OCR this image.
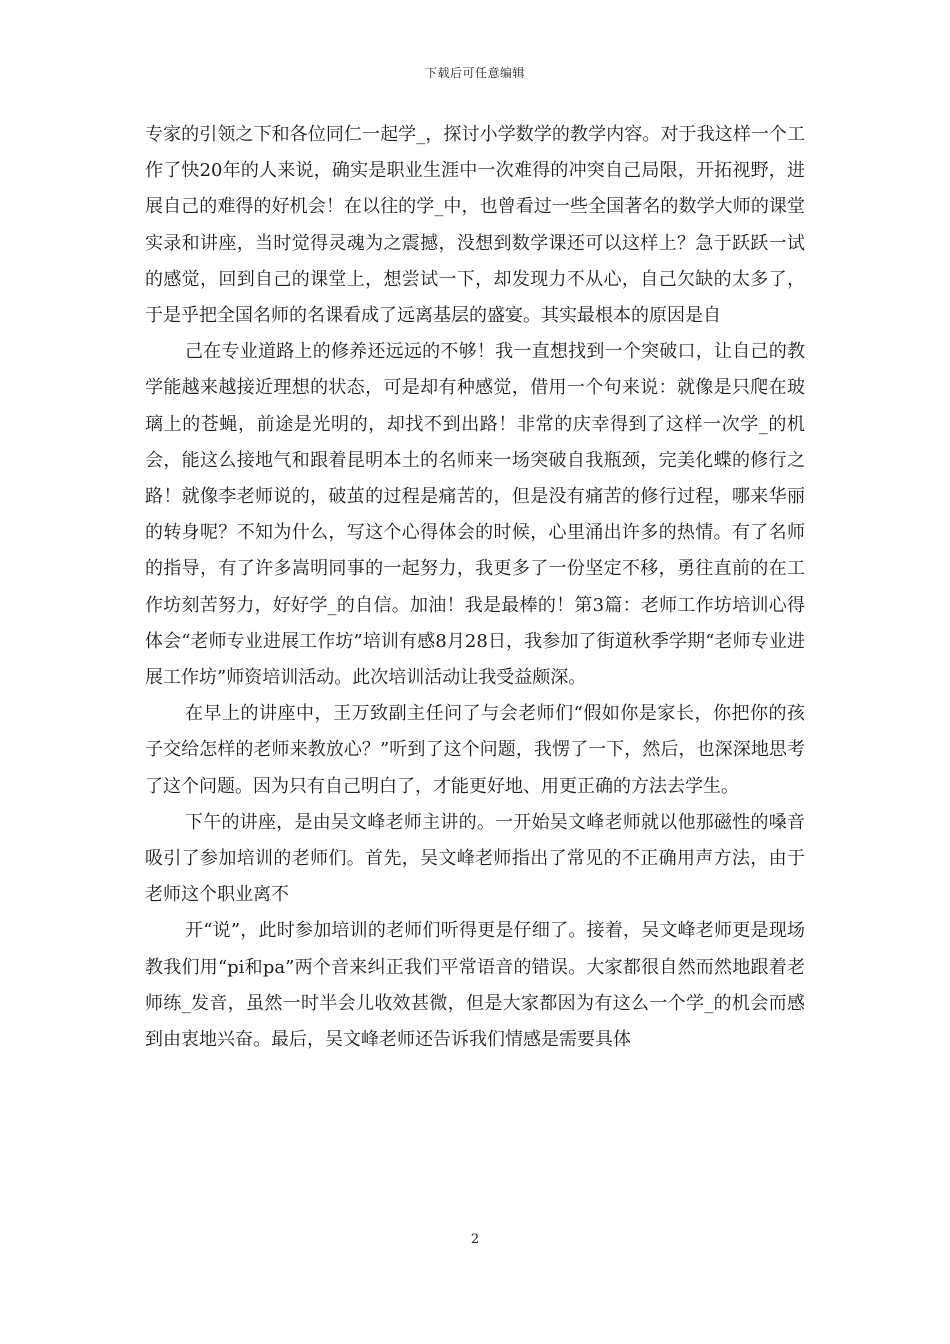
下载后可任意编辑

专家的引领之下和各位同仁一起学_，探讨小学数学的教学内容。对于我这样一个工作了快20年的人来说，确实是职业生涯中一次难得的冲突自己局限，开拓视野，进展自己的难得的好机会！在以往的学_中，也曾看过一些全国著名的数学大师的课堂实录和讲座，当时觉得灵魂为之震撼，没想到数学课还可以这样上？急于跃跃一试的感觉，回到自己的课堂上，想尝试一下，却发现力不从心，自己欠缺的太多了，于是乎把全国名师的名课看成了远离基层的盛宴。其实最根本的原因是自

己在专业道路上的修养还远远的不够！我一直想找到一个突破口，让自己的教学能越来越接近理想的状态，可是却有种感觉，借用一个句来说：就像是只爬在玻璃上的苍蝇，前途是光明的，却找不到出路！非常的庆幸得到了这样一次学_的机会，能这么接地气和跟着昆明本土的名师来一场突破自我瓶颈，完美化蝶的修行之路！就像李老师说的，破茧的过程是痛苦的，但是没有痛苦的修行过程，哪来华丽的转身呢？不知为什么，写这个心得体会的时候，心里涌出许多的热情。有了名师的指导，有了许多嵩明同事的一起努力，我更多了一份坚定不移，勇往直前的在工作坊刻苦努力，好好学_的自信。加油！我是最棒的！第3篇：老师工作坊培训心得体会“老师专业进展工作坊”培训有感8月28日，我参加了街道秋季学期“老师专业进展工作坊”师资培训活动。此次培训活动让我受益颇深。

在早上的讲座中，王万致副主任问了与会老师们“假如你是家长，你把你的孩子交给怎样的老师来教放心？”听到了这个问题，我愣了一下，然后，也深深地思考了这个问题。因为只有自己明白了，才能更好地、用更正确的方法去学生。

下午的讲座，是由吴文峰老师主讲的。一开始吴文峰老师就以他那磁性的嗓音吸引了参加培训的老师们。首先，吴文峰老师指出了常见的不正确用声方法，由于老师这个职业离不

开“说”，此时参加培训的老师们听得更是仔细了。接着，吴文峰老师更是现场教我们用“pi和pa”两个音来纠正我们平常语音的错误。大家都很自然而然地跟着老师练_发音，虽然一时半会儿收效甚微，但是大家都因为有这么一个学_的机会而感到由衷地兴奋。最后，吴文峰老师还告诉我们情感是需要具体

2
